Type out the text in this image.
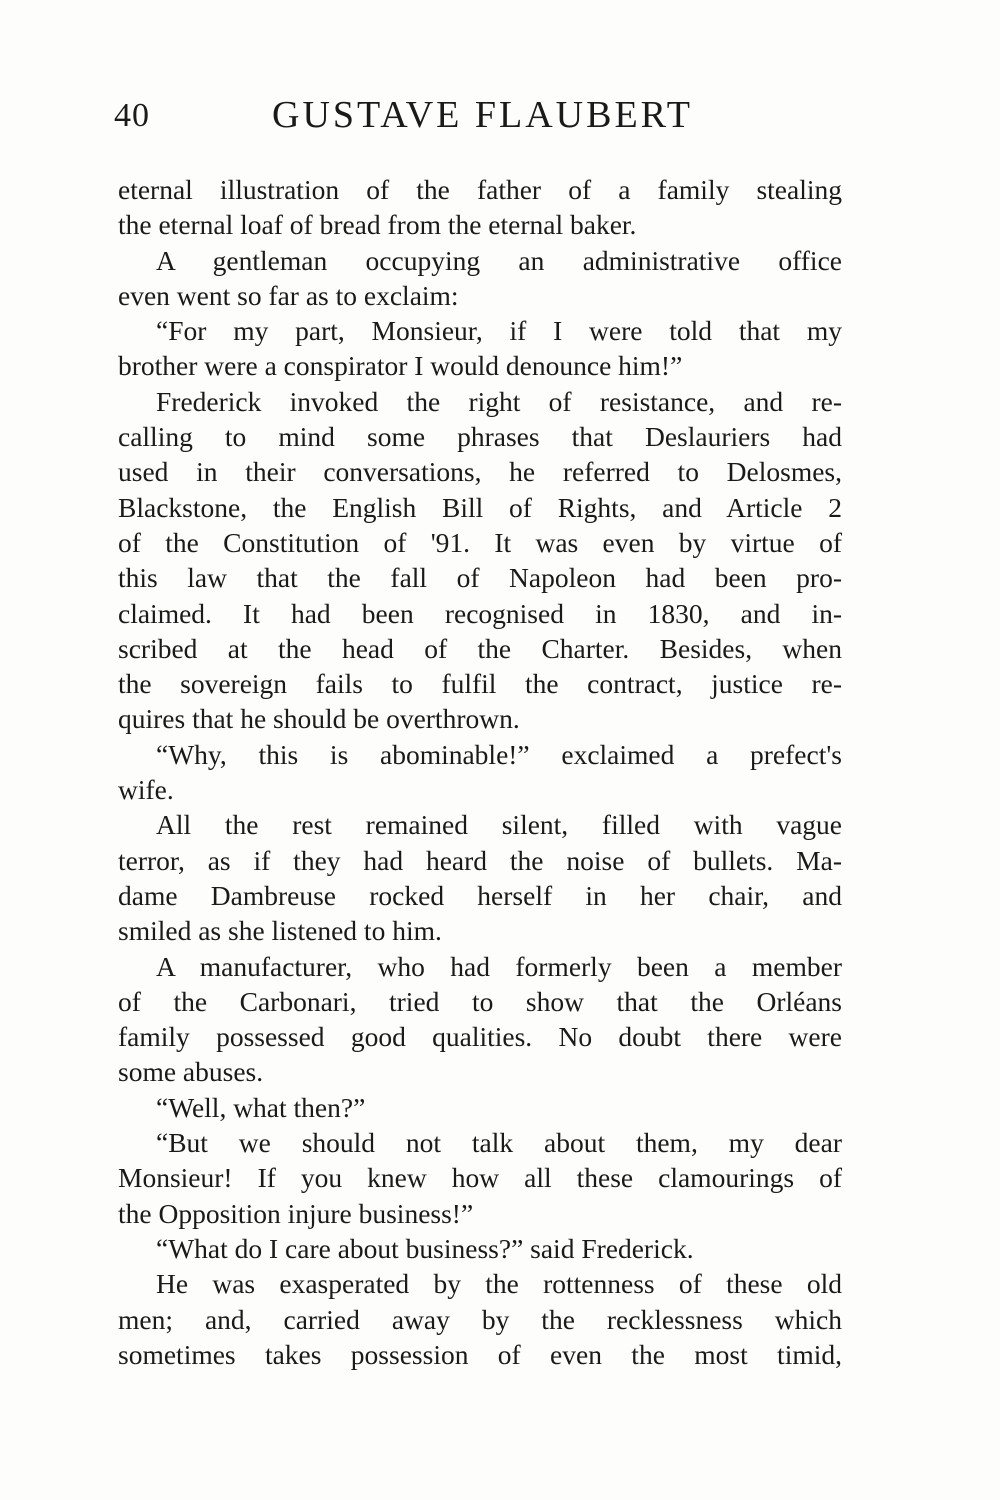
40	GUSTAVE FLAUBERT
eternal illustration of the father of a family stealing
the eternal loaf of bread from the eternal baker.
A gentleman occupying an administrative office
even went so far as to exclaim:
“For my part, Monsieur, if I were told that my
brother were a conspirator I would denounce him!”
Frederick invoked the right of resistance, and re-
calling to mind some phrases that Deslauriers had
used in their conversations, he referred to Delosmes,
Blackstone, the English Bill of Rights, and Article 2
of the Constitution of '91. It was even by virtue of
this law that the fall of Napoleon had been pro-
claimed. It had been recognised in 1830, and in-
scribed at the head of the Charter. Besides, when
the sovereign fails to fulfil the contract, justice re-
quires that he should be overthrown.
“Why, this is abominable!” exclaimed a prefect's
wife.
All the rest remained silent, filled with vague
terror, as if they had heard the noise of bullets. Ma-
dame Dambreuse rocked herself in her chair, and
smiled as she listened to him.
A manufacturer, who had formerly been a member
of the Carbonari, tried to show that the Orléans
family possessed good qualities. No doubt there were
some abuses.
“Well, what then?”
“But we should not talk about them, my dear
Monsieur! If you knew how all these clamourings of
the Opposition injure business!”
“What do I care about business?” said Frederick.
He was exasperated by the rottenness of these old
men; and, carried away by the recklessness which
sometimes takes possession of even the most timid,
